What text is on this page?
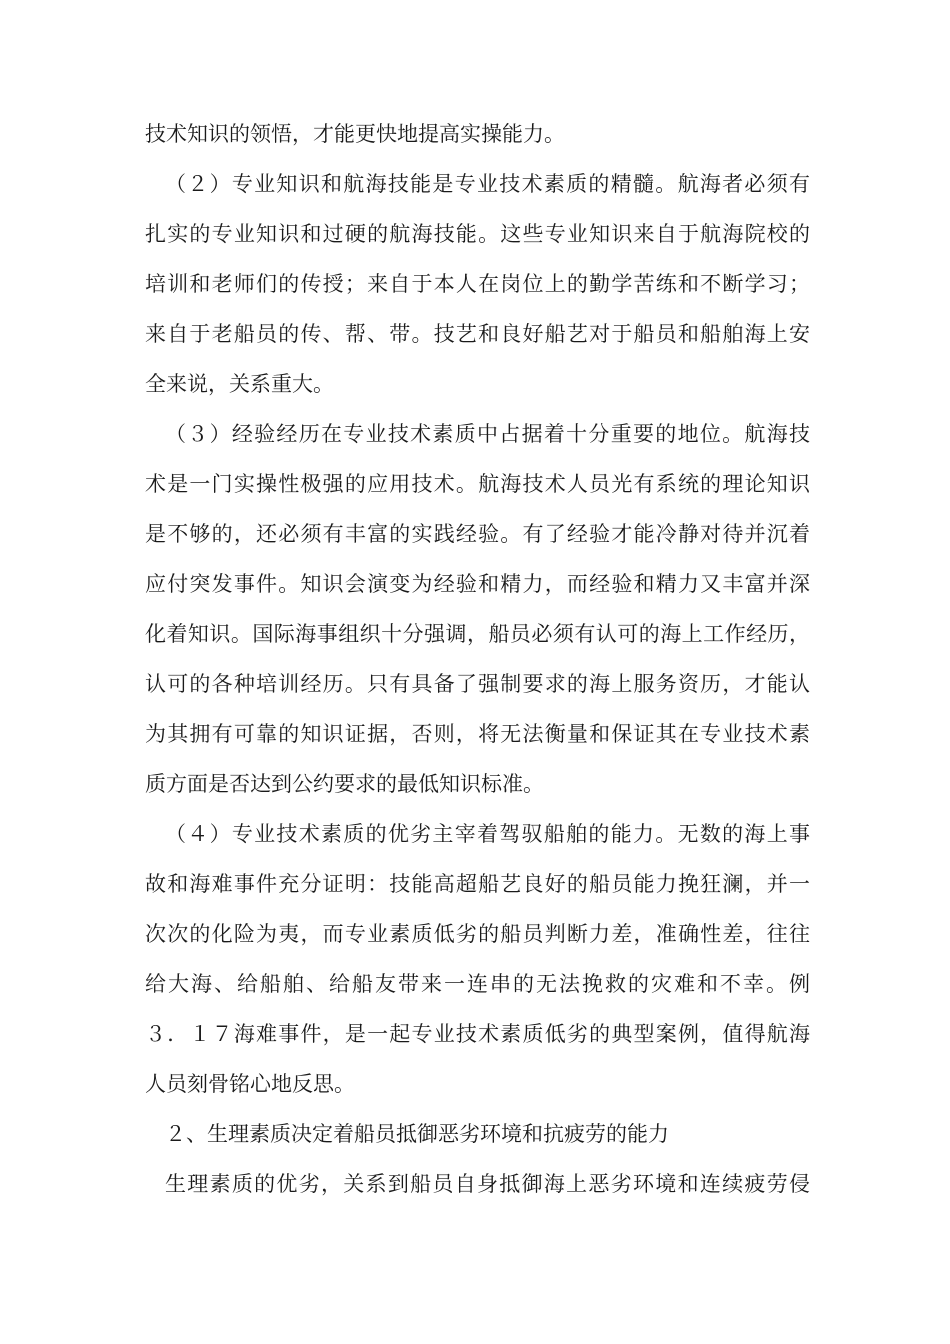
技术知识的领悟，才能更快地提高实操能力。
（２）专业知识和航海技能是专业技术素质的精髓。航海者必须有
扎实的专业知识和过硬的航海技能。这些专业知识来自于航海院校的
培训和老师们的传授；来自于本人在岗位上的勤学苦练和不断学习；
来自于老船员的传、帮、带。技艺和良好船艺对于船员和船舶海上安
全来说，关系重大。
（３）经验经历在专业技术素质中占据着十分重要的地位。航海技
术是一门实操性极强的应用技术。航海技术人员光有系统的理论知识
是不够的，还必须有丰富的实践经验。有了经验才能冷静对待并沉着
应付突发事件。知识会演变为经验和精力，而经验和精力又丰富并深
化着知识。国际海事组织十分强调，船员必须有认可的海上工作经历，
认可的各种培训经历。只有具备了强制要求的海上服务资历，才能认
为其拥有可靠的知识证据，否则，将无法衡量和保证其在专业技术素
质方面是否达到公约要求的最低知识标准。
（４）专业技术素质的优劣主宰着驾驭船舶的能力。无数的海上事
故和海难事件充分证明：技能高超船艺良好的船员能力挽狂澜，并一
次次的化险为夷，而专业素质低劣的船员判断力差，准确性差，往往
给大海、给船舶、给船友带来一连串的无法挽救的灾难和不幸。例
３．１７海难事件，是一起专业技术素质低劣的典型案例，值得航海
人员刻骨铭心地反思。
２、生理素质决定着船员抵御恶劣环境和抗疲劳的能力
生理素质的优劣，关系到船员自身抵御海上恶劣环境和连续疲劳侵
